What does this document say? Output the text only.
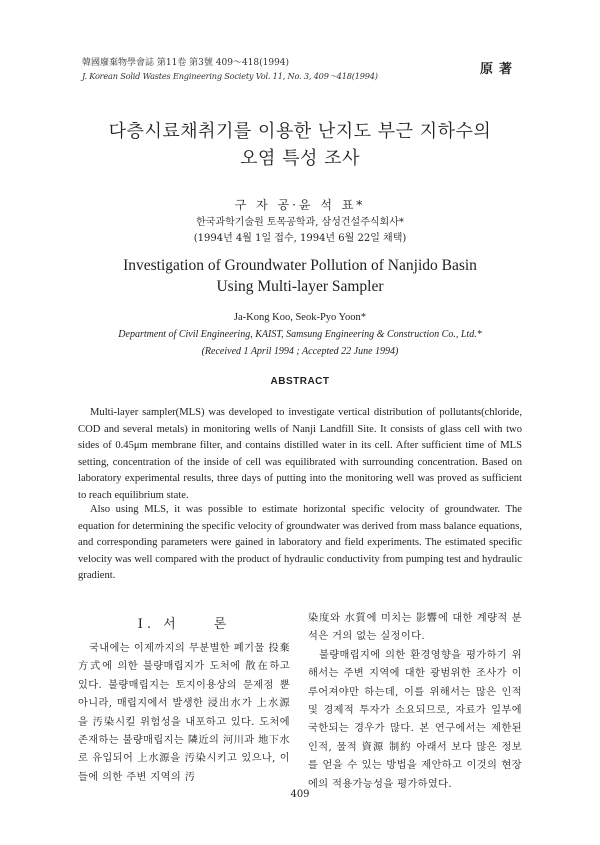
韓國廢棄物學會誌 第11卷 第3號 409～418(1994)
J. Korean Solid Wastes Engineering Society Vol. 11, No. 3, 409～418(1994)	原著
다층시료채취기를 이용한 난지도 부근 지하수의
오염 특성 조사
구 자 공·윤 석 표*
한국과학기술원 토목공학과, 삼성건설주식회사*
(1994년 4월 1일 접수, 1994년 6월 22일 채택)
Investigation of Groundwater Pollution of Nanjido Basin
Using Multi-layer Sampler
Ja-Kong Koo, Seok-Pyo Yoon*
Department of Civil Engineering, KAIST, Samsung Engineering & Construction Co., Ltd.*
(Received 1 April 1994 ; Accepted 22 June 1994)
ABSTRACT

Multi-layer sampler(MLS) was developed to investigate vertical distribution of pollutants(chloride, COD and several metals) in monitoring wells of Nanji Landfill Site. It consists of glass cell with two sides of 0.45μm membrane filter, and contains distilled water in its cell. After sufficient time of MLS setting, concentration of the inside of cell was equilibrated with surrounding concentration. Based on laboratory experimental results, three days of putting into the monitoring well was proved as sufficient to reach equilibrium state.

Also using MLS, it was possible to estimate horizontal specific velocity of groundwater. The equation for determining the specific velocity of groundwater was derived from mass balance equations, and corresponding parameters were gained in laboratory and field experiments. The estimated specific velocity was well compared with the product of hydraulic conductivity from pumping test and hydraulic gradient.

Ⅰ. 서　　론

국내에는 이제까지의 무분별한 폐기물 投棄 方式에 의한 불량매립지가 도처에 散在하고 있다. 불량매립지는 토지이용상의 문제점 뿐 아니라, 매립지에서 발생한 浸出水가 上水源을 汚染시킬 위험성을 내포하고 있다. 도처에 존재하는 불량매립지는 隣近의 河川과 地下水로 유입되어 上水源을 汚染시키고 있으나, 이들에 의한 주변 지역의 汚

染度와 水質에 미치는 影響에 대한 계량적 분석은 거의 없는 실정이다.

불량매립지에 의한 환경영향을 평가하기 위해서는 주변 지역에 대한 광범위한 조사가 이루어져야만 하는데, 이를 위해서는 많은 인적 및 경제적 투자가 소요되므로, 자료가 일부에 국한되는 경우가 많다. 본 연구에서는 제한된 인적, 물적 資源 制約 아래서 보다 많은 정보를 얻을 수 있는 방법을 제안하고 이것의 현장에의 적용가능성을 평가하였다.

409
